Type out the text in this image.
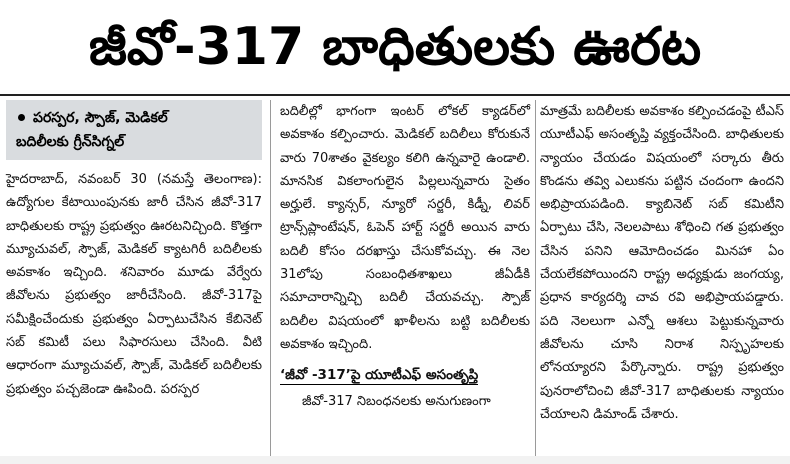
జీవో-317 బాధితులకు ఊరట
పరస్పర, స్పౌజ్, మెడికల్
బదిలీలకు గ్రీన్‌సిగ్నల్

హైదరాబాద్, నవంబర్ 30 (నమస్తే తెలంగాణ): ఉద్యోగుల కేటాయింపునకు జారీ చేసిన జీవో-317 బాధితులకు రాష్ట్ర ప్రభుత్వం ఊరటనిచ్చింది. కొత్తగా మ్యూచువల్, స్పౌజ్, మెడికల్ క్యాటగిరీ బదిలీలకు అవకాశం ఇచ్చింది. శనివారం మూడు వేర్వేరు జీవోలను ప్రభుత్వం జారీచేసింది. జీవో-317పై సమీక్షించేందుకు ప్రభుత్వం ఏర్పాటుచేసిన కేబినెట్ సబ్ కమిటీ పలు సిఫారసులు చేసింది. వీటి ఆధారంగా మ్యూచువల్, స్పౌజ్, మెడికల్ బదిలీలకు ప్రభుత్వం పచ్చజెండా ఊపింది. పరస్పర

బదిలీల్లో భాగంగా ఇంటర్ లోకల్ క్యాడర్‌లో అవకాశం కల్పించారు. మెడికల్ బదిలీలు కోరుకునే వారు 70శాతం వైకల్యం కలిగి ఉన్నవారై ఉండాలి. మానసిక వికలాంగులైన పిల్లలున్నవారు సైతం అర్హులే. క్యాన్సర్, న్యూరో సర్జరీ, కిడ్నీ, లివర్ ట్రాన్స్‌ప్లాంటేషన్, ఓపెన్ హార్ట్ సర్జరీ అయిన వారు బదిలీ కోసం దరఖాస్తు చేసుకోవచ్చు. ఈ నెల 31లోపు సంబంధితశాఖలు జీఏడీకి సమాచారాన్నిచ్చి బదిలీ చేయవచ్చు. స్పౌజ్ బదిలీల విషయంలో ఖాళీలను బట్టి బదిలీలకు అవకాశం ఇచ్చింది.

‘జీవో -317’పై యూటీఎఫ్ అసంతృప్తి

జీవో-317 నిబంధనలకు అనుగుణంగా

మాత్రమే బదిలీలకు అవకాశం కల్పించడంపై టీఎస్ యూటీఎఫ్ అసంతృప్తి వ్యక్తంచేసింది. బాధితులకు న్యాయం చేయడం విషయంలో సర్కారు తీరు కొండను తవ్వి ఎలుకను పట్టిన చందంగా ఉందని అభిప్రాయపడింది. క్యాబినెట్ సబ్ కమిటీని ఏర్పాటు చేసి, నెలలపాటు శోధించి గత ప్రభుత్వం చేసిన పనిని ఆమోదించడం మినహా ఏం చేయలేకపోయిందని రాష్ట్ర అధ్యక్షుడు జంగయ్య, ప్రధాన కార్యదర్శి చావ రవి అభిప్రాయపడ్డారు. పది నెలలుగా ఎన్నో ఆశలు పెట్టుకున్నవారు జీవోలను చూసి నిరాశ నిస్పృహలకు లోనయ్యారని పేర్కొన్నారు. రాష్ట్ర ప్రభుత్వం పునరాలోచించి జీవో-317 బాధితులకు న్యాయం చేయాలని డిమాండ్ చేశారు.
